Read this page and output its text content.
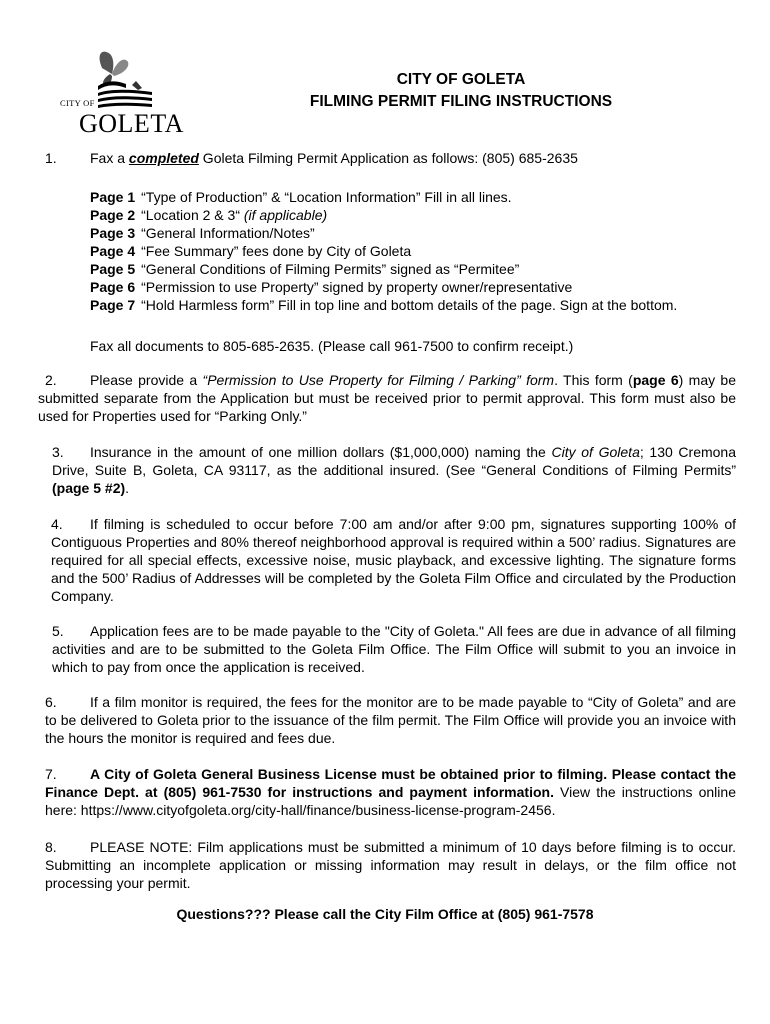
CITY OF
GOLETA
CITY OF GOLETA
FILMING PERMIT FILING INSTRUCTIONS
1. Fax a completed Goleta Filming Permit Application as follows: (805) 685-2635
Page 1 “Type of Production” & “Location Information” Fill in all lines.
Page 2 “Location 2 & 3“ (if applicable)
Page 3 “General Information/Notes”
Page 4 “Fee Summary” fees done by City of Goleta
Page 5 “General Conditions of Filming Permits” signed as “Permitee”
Page 6 “Permission to use Property” signed by property owner/representative
Page 7 “Hold Harmless form” Fill in top line and bottom details of the page. Sign at the bottom.
Fax all documents to 805-685-2635. (Please call 961-7500 to confirm receipt.)
2. Please provide a “Permission to Use Property for Filming / Parking” form. This form (page 6) may be submitted separate from the Application but must be received prior to permit approval. This form must also be used for Properties used for “Parking Only.”
3. Insurance in the amount of one million dollars ($1,000,000) naming the City of Goleta; 130 Cremona Drive, Suite B, Goleta, CA 93117, as the additional insured. (See “General Conditions of Filming Permits” (page 5 #2).
4. If filming is scheduled to occur before 7:00 am and/or after 9:00 pm, signatures supporting 100% of Contiguous Properties and 80% thereof neighborhood approval is required within a 500’ radius. Signatures are required for all special effects, excessive noise, music playback, and excessive lighting. The signature forms and the 500’ Radius of Addresses will be completed by the Goleta Film Office and circulated by the Production Company.
5. Application fees are to be made payable to the "City of Goleta." All fees are due in advance of all filming activities and are to be submitted to the Goleta Film Office. The Film Office will submit to you an invoice in which to pay from once the application is received.
6. If a film monitor is required, the fees for the monitor are to be made payable to “City of Goleta” and are to be delivered to Goleta prior to the issuance of the film permit. The Film Office will provide you an invoice with the hours the monitor is required and fees due.
7. A City of Goleta General Business License must be obtained prior to filming. Please contact the Finance Dept. at (805) 961-7530 for instructions and payment information. View the instructions online here: https://www.cityofgoleta.org/city-hall/finance/business-license-program-2456.
8. PLEASE NOTE: Film applications must be submitted a minimum of 10 days before filming is to occur. Submitting an incomplete application or missing information may result in delays, or the film office not processing your permit.
Questions??? Please call the City Film Office at (805) 961-7578
